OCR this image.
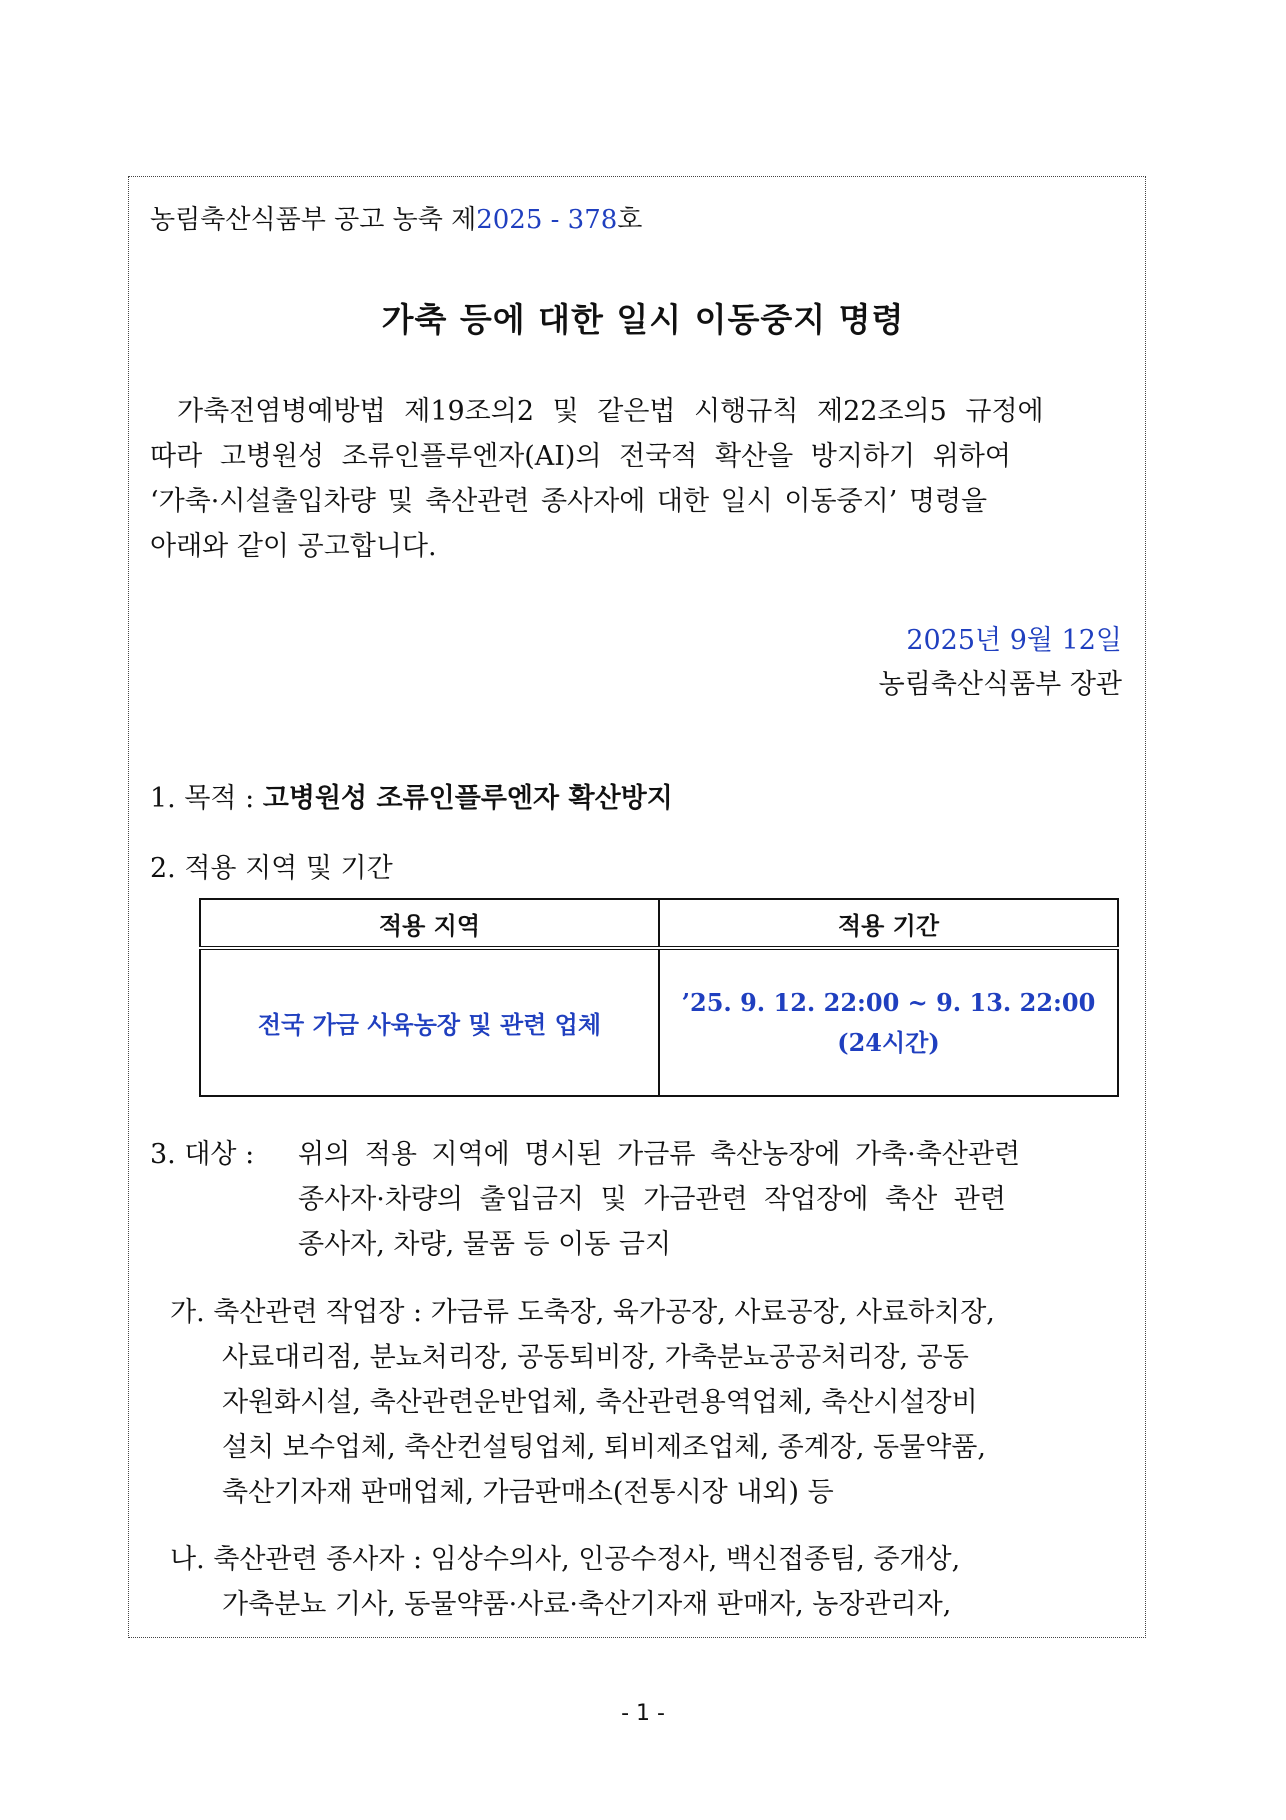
농림축산식품부 공고 농축 제2025 - 378호
가축 등에 대한 일시 이동중지 명령
가축전염병예방법 제19조의2 및 같은법 시행규칙 제22조의5 규정에
따라 고병원성 조류인플루엔자(AI)의 전국적 확산을 방지하기 위하여
‘가축·시설출입차량 및 축산관련 종사자에 대한 일시 이동중지’ 명령을
아래와 같이 공고합니다.
2025년 9월 12일
농림축산식품부 장관
1. 목적 : 고병원성 조류인플루엔자 확산방지
2. 적용 지역 및 기간
적용 지역	적용 기간
전국 가금 사육농장 및 관련 업체	’25. 9. 12. 22:00 ~ 9. 13. 22:00
(24시간)
3. 대상 : 위의 적용 지역에 명시된 가금류 축산농장에 가축·축산관련
종사자·차량의 출입금지 및 가금관련 작업장에 축산 관련
종사자, 차량, 물품 등 이동 금지
가. 축산관련 작업장 : 가금류 도축장, 육가공장, 사료공장, 사료하치장,
사료대리점, 분뇨처리장, 공동퇴비장, 가축분뇨공공처리장, 공동
자원화시설, 축산관련운반업체, 축산관련용역업체, 축산시설장비
설치 보수업체, 축산컨설팅업체, 퇴비제조업체, 종계장, 동물약품,
축산기자재 판매업체, 가금판매소(전통시장 내외) 등
나. 축산관련 종사자 : 임상수의사, 인공수정사, 백신접종팀, 중개상,
가축분뇨 기사, 동물약품·사료·축산기자재 판매자, 농장관리자,
- 1 -
